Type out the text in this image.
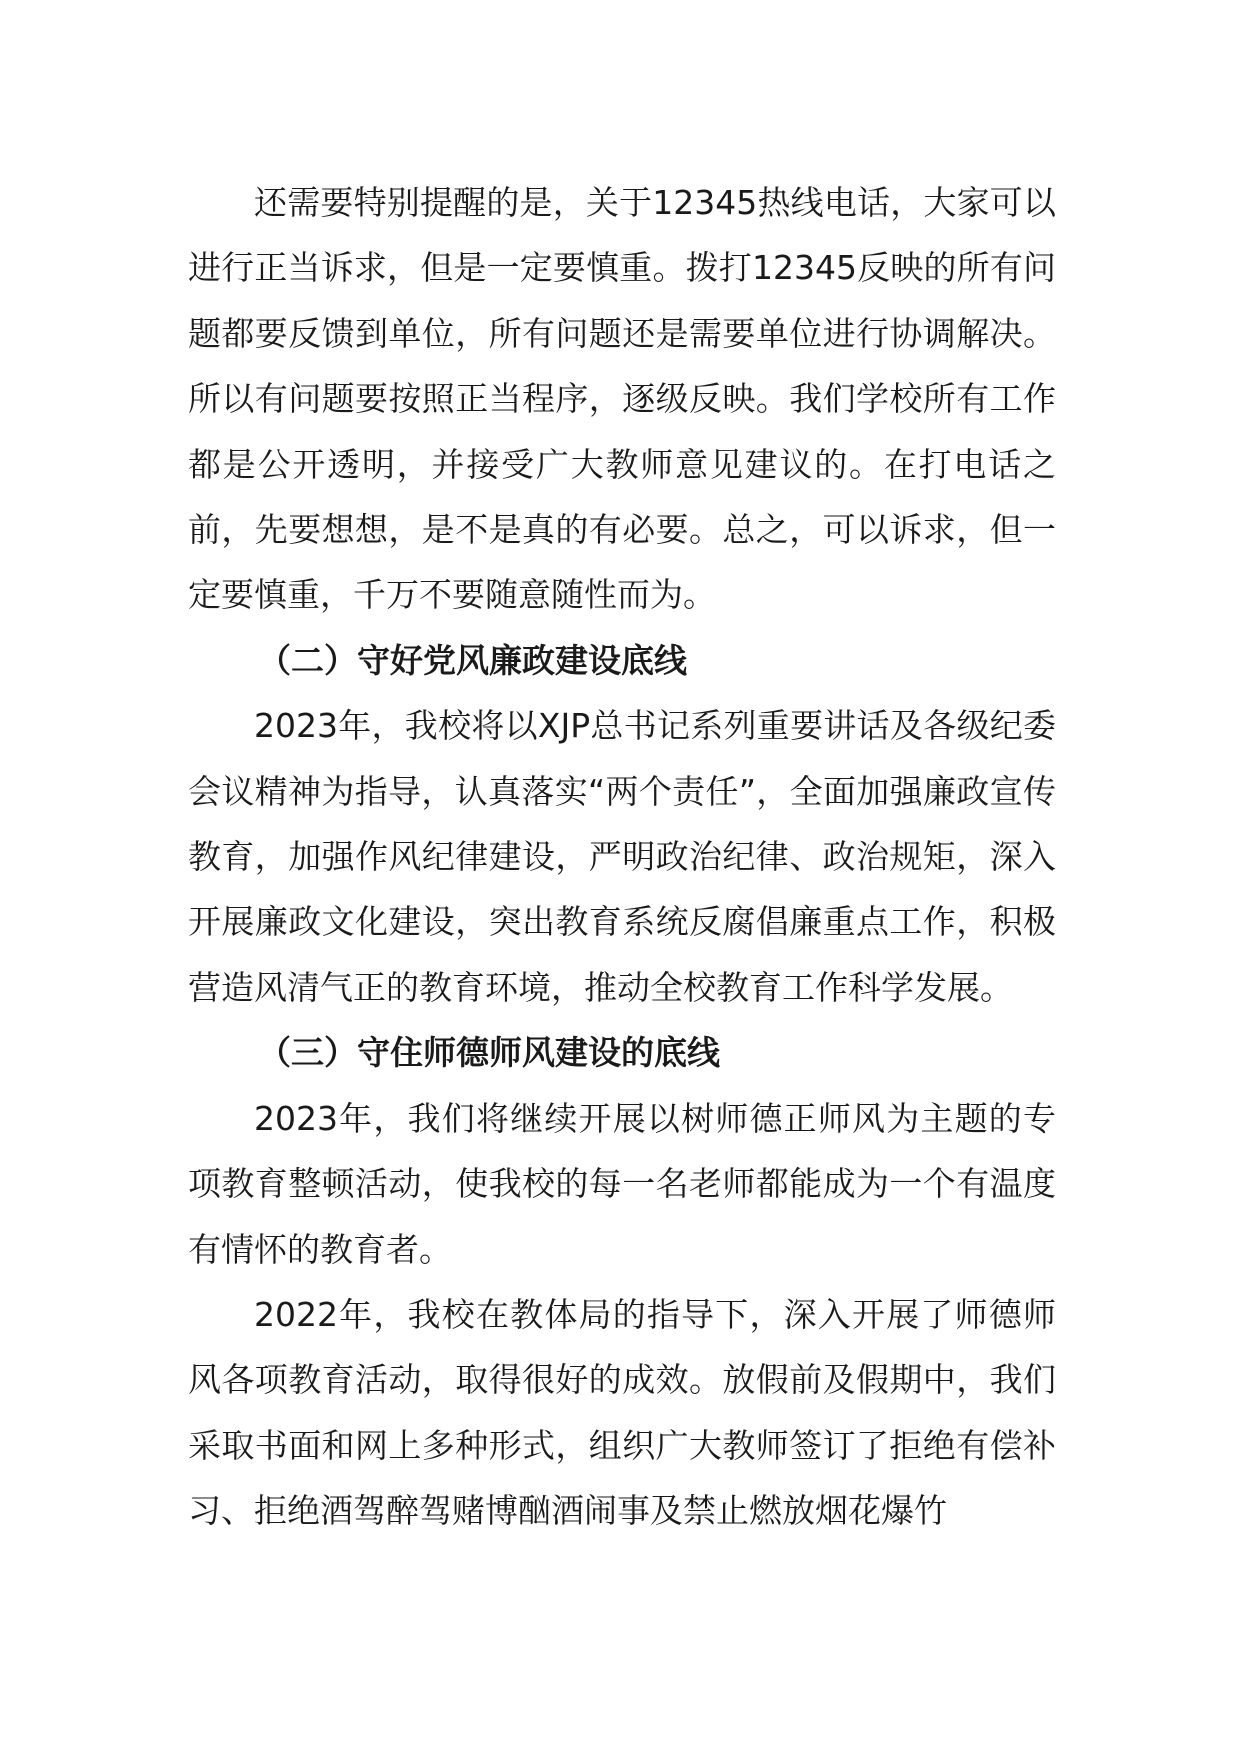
还需要特别提醒的是，关于12345热线电话，大家可以进行正当诉求，但是一定要慎重。拨打12345反映的所有问题都要反馈到单位，所有问题还是需要单位进行协调解决。所以有问题要按照正当程序，逐级反映。我们学校所有工作都是公开透明，并接受广大教师意见建议的。在打电话之前，先要想想，是不是真的有必要。总之，可以诉求，但一定要慎重，千万不要随意随性而为。

（二）守好党风廉政建设底线

2023年，我校将以XJP总书记系列重要讲话及各级纪委会议精神为指导，认真落实“两个责任”，全面加强廉政宣传教育，加强作风纪律建设，严明政治纪律、政治规矩，深入开展廉政文化建设，突出教育系统反腐倡廉重点工作，积极营造风清气正的教育环境，推动全校教育工作科学发展。

（三）守住师德师风建设的底线

2023年，我们将继续开展以树师德正师风为主题的专项教育整顿活动，使我校的每一名老师都能成为一个有温度有情怀的教育者。

2022年，我校在教体局的指导下，深入开展了师德师风各项教育活动，取得很好的成效。放假前及假期中，我们采取书面和网上多种形式，组织广大教师签订了拒绝有偿补习、拒绝酒驾醉驾赌博酗酒闹事及禁止燃放烟花爆竹
